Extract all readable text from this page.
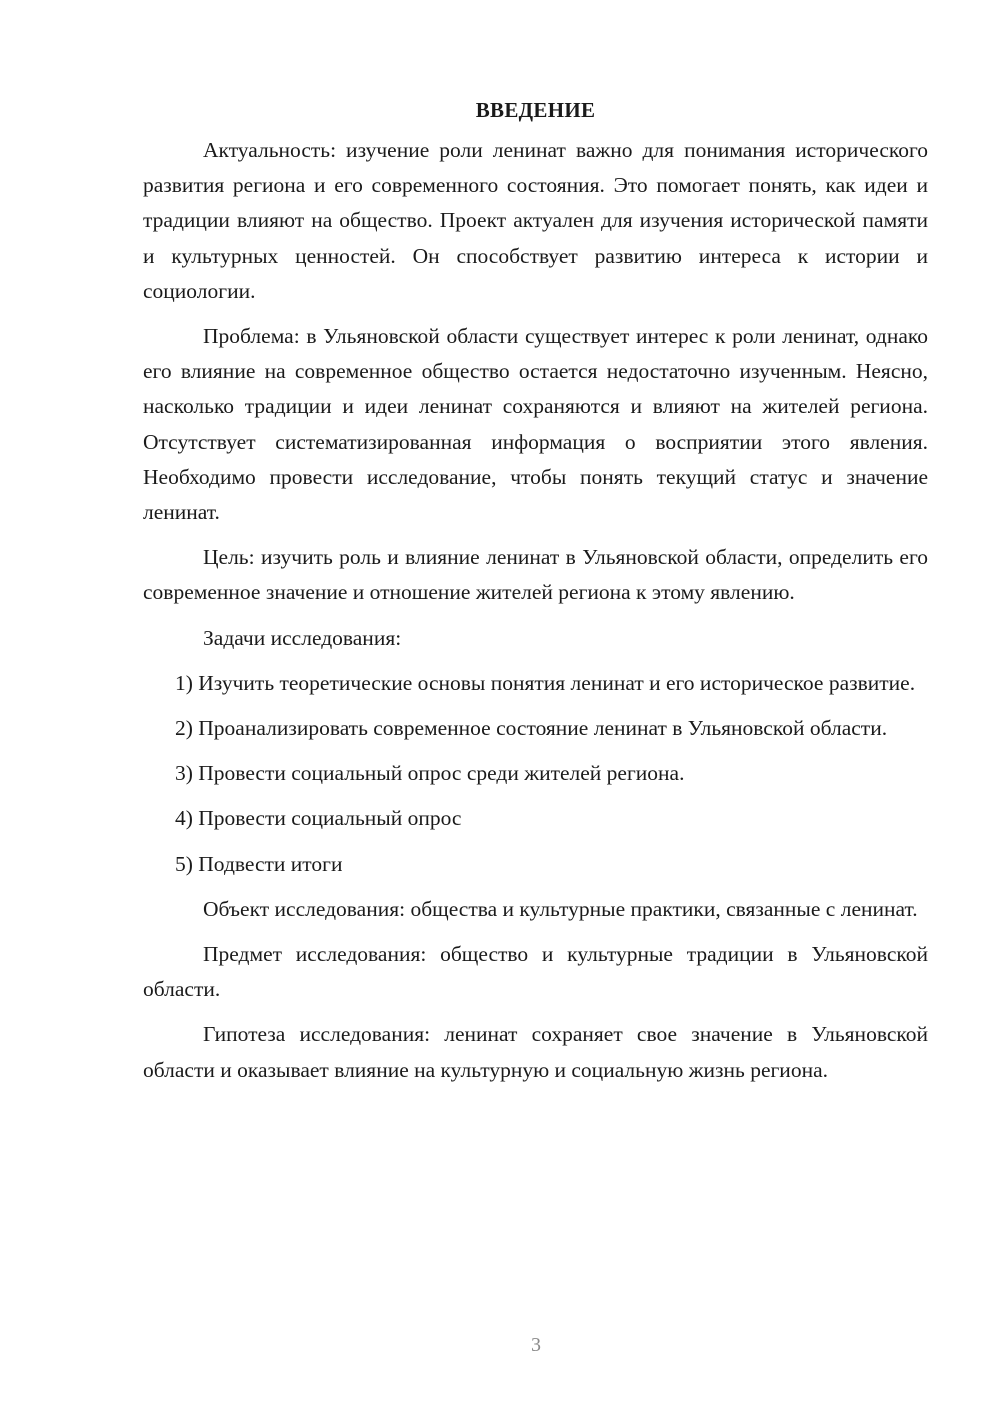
ВВЕДЕНИЕ

Актуальность: изучение роли ленинат важно для понимания исторического развития региона и его современного состояния. Это помогает понять, как идеи и традиции влияют на общество. Проект актуален для изучения исторической памяти и культурных ценностей. Он способствует развитию интереса к истории и социологии.

Проблема: в Ульяновской области существует интерес к роли ленинат, однако его влияние на современное общество остается недостаточно изученным. Неясно, насколько традиции и идеи ленинат сохраняются и влияют на жителей региона. Отсутствует систематизированная информация о восприятии этого явления. Необходимо провести исследование, чтобы понять текущий статус и значение ленинат.

Цель: изучить роль и влияние ленинат в Ульяновской области, определить его современное значение и отношение жителей региона к этому явлению.

Задачи исследования:

1) Изучить теоретические основы понятия ленинат и его историческое развитие.

2) Проанализировать современное состояние ленинат в Ульяновской области.

3) Провести социальный опрос среди жителей региона.

4) Провести социальный опрос

5) Подвести итоги

Объект исследования: общества и культурные практики, связанные с ленинат.

Предмет исследования: общество и культурные традиции в Ульяновской области.

Гипотеза исследования: ленинат сохраняет свое значение в Ульяновской области и оказывает влияние на культурную и социальную жизнь региона.

3
